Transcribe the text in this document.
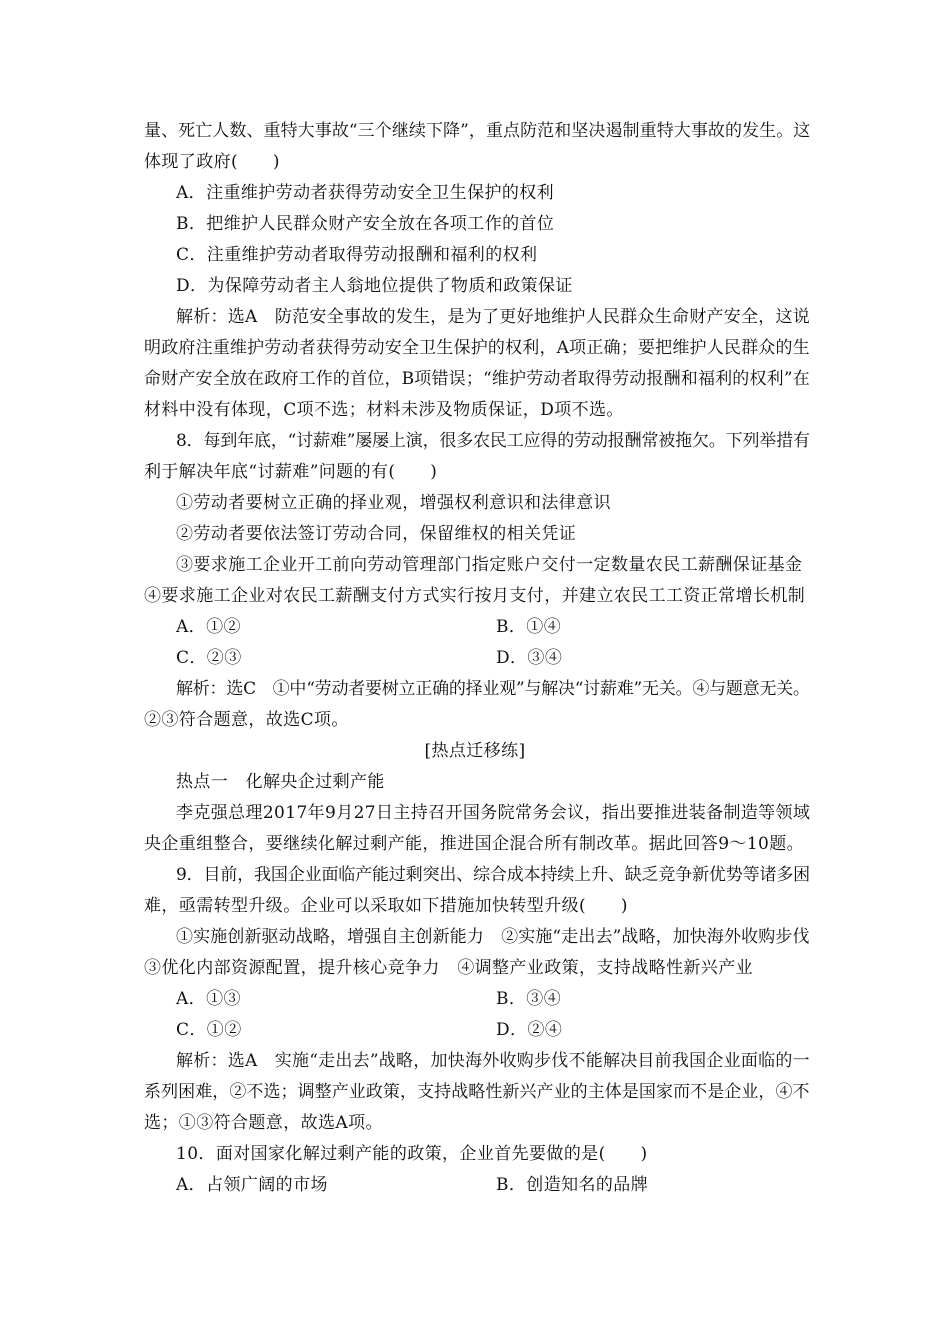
量、死亡人数、重特大事故“三个继续下降”，重点防范和坚决遏制重特大事故的发生。这
体现了政府(　　)
A．注重维护劳动者获得劳动安全卫生保护的权利
B．把维护人民群众财产安全放在各项工作的首位
C．注重维护劳动者取得劳动报酬和福利的权利
D．为保障劳动者主人翁地位提供了物质和政策保证
解析：选A　防范安全事故的发生，是为了更好地维护人民群众生命财产安全，这说
明政府注重维护劳动者获得劳动安全卫生保护的权利，A项正确；要把维护人民群众的生
命财产安全放在政府工作的首位，B项错误；“维护劳动者取得劳动报酬和福利的权利”在
材料中没有体现，C项不选；材料未涉及物质保证，D项不选。
8．每到年底，“讨薪难”屡屡上演，很多农民工应得的劳动报酬常被拖欠。下列举措有
利于解决年底“讨薪难”问题的有(　　)
①劳动者要树立正确的择业观，增强权利意识和法律意识
②劳动者要依法签订劳动合同，保留维权的相关凭证
③要求施工企业开工前向劳动管理部门指定账户交付一定数量农民工薪酬保证基金
④要求施工企业对农民工薪酬支付方式实行按月支付，并建立农民工工资正常增长机制
A．①②	B．①④
C．②③	D．③④
解析：选C　①中“劳动者要树立正确的择业观”与解决“讨薪难”无关。④与题意无关。
②③符合题意，故选C项。
[热点迁移练]
热点一　化解央企过剩产能
李克强总理2017年9月27日主持召开国务院常务会议，指出要推进装备制造等领域
央企重组整合，要继续化解过剩产能，推进国企混合所有制改革。据此回答9～10题。
9．目前，我国企业面临产能过剩突出、综合成本持续上升、缺乏竞争新优势等诸多困
难，亟需转型升级。企业可以采取如下措施加快转型升级(　　)
①实施创新驱动战略，增强自主创新能力　②实施“走出去”战略，加快海外收购步伐
③优化内部资源配置，提升核心竞争力　④调整产业政策，支持战略性新兴产业
A．①③	B．③④
C．①②	D．②④
解析：选A　实施“走出去”战略，加快海外收购步伐不能解决目前我国企业面临的一
系列困难，②不选；调整产业政策，支持战略性新兴产业的主体是国家而不是企业，④不
选；①③符合题意，故选A项。
10．面对国家化解过剩产能的政策，企业首先要做的是(　　)
A．占领广阔的市场	B．创造知名的品牌
